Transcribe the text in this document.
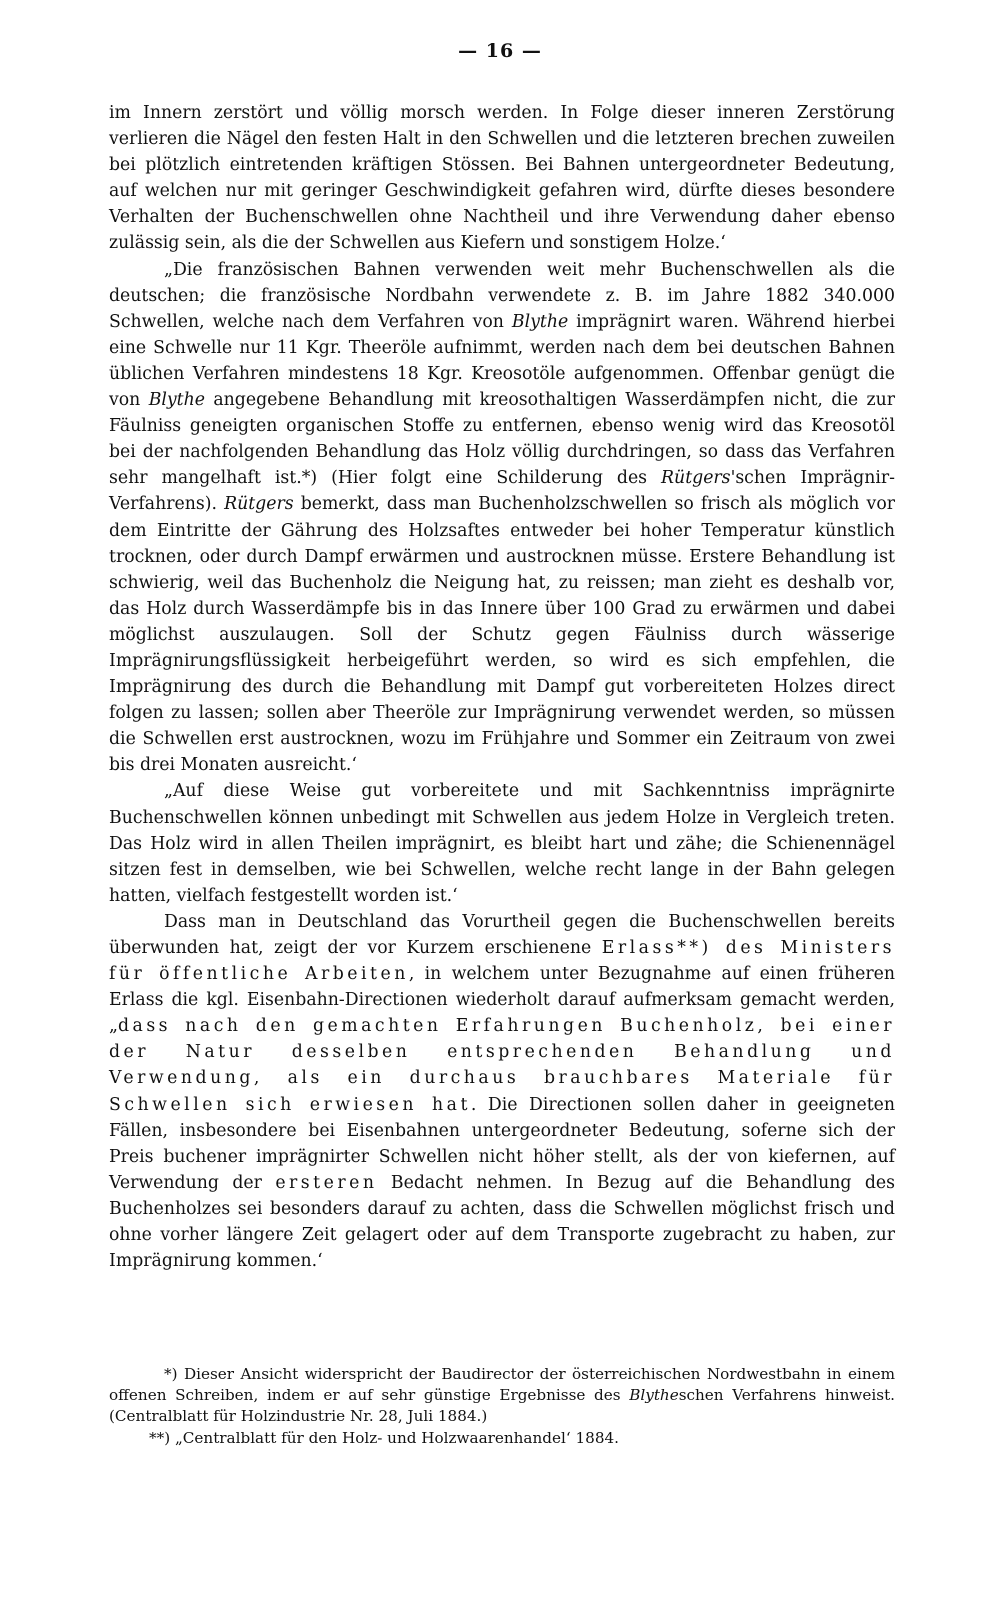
— 16 —

im Innern zerstört und völlig morsch werden. In Folge dieser inneren Zerstörung verlieren die Nägel den festen Halt in den Schwellen und die letzteren brechen zuweilen bei plötzlich eintretenden kräftigen Stössen. Bei Bahnen untergeordneter Bedeutung, auf welchen nur mit geringer Geschwindigkeit gefahren wird, dürfte dieses besondere Verhalten der Buchenschwellen ohne Nachtheil und ihre Verwendung daher ebenso zulässig sein, als die der Schwellen aus Kiefern und sonstigem Holze.‘

„Die französischen Bahnen verwenden weit mehr Buchenschwellen als die deutschen; die französische Nordbahn verwendete z. B. im Jahre 1882 340.000 Schwellen, welche nach dem Verfahren von Blythe imprägnirt waren. Während hierbei eine Schwelle nur 11 Kgr. Theeröle aufnimmt, werden nach dem bei deutschen Bahnen üblichen Verfahren mindestens 18 Kgr. Kreosotöle aufgenommen. Offenbar genügt die von Blythe angegebene Behandlung mit kreosothaltigen Wasserdämpfen nicht, die zur Fäulniss geneigten organischen Stoffe zu entfernen, ebenso wenig wird das Kreosotöl bei der nachfolgenden Behandlung das Holz völlig durchdringen, so dass das Verfahren sehr mangelhaft ist.*) (Hier folgt eine Schilderung des Rütgers'schen Imprägnir-Verfahrens). Rütgers bemerkt, dass man Buchenholzschwellen so frisch als möglich vor dem Eintritte der Gährung des Holzsaftes entweder bei hoher Temperatur künstlich trocknen, oder durch Dampf erwärmen und austrocknen müsse. Erstere Behandlung ist schwierig, weil das Buchenholz die Neigung hat, zu reissen; man zieht es deshalb vor, das Holz durch Wasserdämpfe bis in das Innere über 100 Grad zu erwärmen und dabei möglichst auszulaugen. Soll der Schutz gegen Fäulniss durch wässerige Imprägnirungsflüssigkeit herbeigeführt werden, so wird es sich empfehlen, die Imprägnirung des durch die Behandlung mit Dampf gut vorbereiteten Holzes direct folgen zu lassen; sollen aber Theeröle zur Imprägnirung verwendet werden, so müssen die Schwellen erst austrocknen, wozu im Frühjahre und Sommer ein Zeitraum von zwei bis drei Monaten ausreicht.‘

„Auf diese Weise gut vorbereitete und mit Sachkenntniss imprägnirte Buchenschwellen können unbedingt mit Schwellen aus jedem Holze in Vergleich treten. Das Holz wird in allen Theilen imprägnirt, es bleibt hart und zähe; die Schienennägel sitzen fest in demselben, wie bei Schwellen, welche recht lange in der Bahn gelegen hatten, vielfach festgestellt worden ist.‘

Dass man in Deutschland das Vorurtheil gegen die Buchenschwellen bereits überwunden hat, zeigt der vor Kurzem erschienene Erlass**) des Ministers für öffentliche Arbeiten, in welchem unter Bezugnahme auf einen früheren Erlass die kgl. Eisenbahn-Directionen wiederholt darauf aufmerksam gemacht werden, „dass nach den gemachten Erfahrungen Buchenholz, bei einer der Natur desselben entsprechenden Behandlung und Verwendung, als ein durchaus brauchbares Materiale für Schwellen sich erwiesen hat. Die Directionen sollen daher in geeigneten Fällen, insbesondere bei Eisenbahnen untergeordneter Bedeutung, soferne sich der Preis buchener imprägnirter Schwellen nicht höher stellt, als der von kiefernen, auf Verwendung der ersteren Bedacht nehmen. In Bezug auf die Behandlung des Buchenholzes sei besonders darauf zu achten, dass die Schwellen möglichst frisch und ohne vorher längere Zeit gelagert oder auf dem Transporte zugebracht zu haben, zur Imprägnirung kommen.‘

*) Dieser Ansicht widerspricht der Baudirector der österreichischen Nordwestbahn in einem offenen Schreiben, indem er auf sehr günstige Ergebnisse des Blytheschen Verfahrens hinweist. (Centralblatt für Holzindustrie Nr. 28, Juli 1884.)

**) „Centralblatt für den Holz- und Holzwaarenhandel‘ 1884.
